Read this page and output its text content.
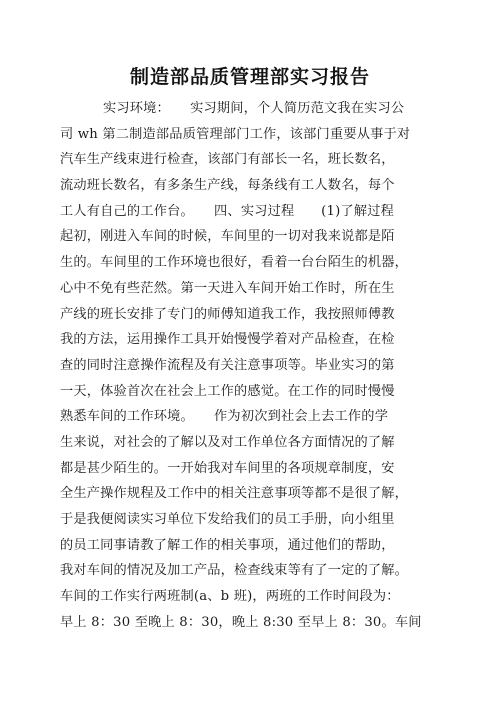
制造部品质管理部实习报告
实习环境：　　实习期间，个人简历范文我在实习公
司 wh 第二制造部品质管理部门工作，该部门重要从事于对
汽车生产线束进行检查，该部门有部长一名，班长数名，
流动班长数名，有多条生产线，每条线有工人数名，每个
工人有自己的工作台。　　四、实习过程　　(1)了解过程
起初，刚进入车间的时候，车间里的一切对我来说都是陌
生的。车间里的工作环境也很好，看着一台台陌生的机器，
心中不免有些茫然。第一天进入车间开始工作时，所在生
产线的班长安排了专门的师傅知道我工作，我按照师傅教
我的方法，运用操作工具开始慢慢学着对产品检查，在检
查的同时注意操作流程及有关注意事项等。毕业实习的第
一天，体验首次在社会上工作的感觉。在工作的同时慢慢
熟悉车间的工作环境。　　作为初次到社会上去工作的学
生来说，对社会的了解以及对工作单位各方面情况的了解
都是甚少陌生的。一开始我对车间里的各项规章制度，安
全生产操作规程及工作中的相关注意事项等都不是很了解，
于是我便阅读实习单位下发给我们的员工手册，向小组里
的员工同事请教了解工作的相关事项，通过他们的帮助，
我对车间的情况及加工产品，检查线束等有了一定的了解。
车间的工作实行两班制(a、b 班)，两班的工作时间段为：
早上 8：30 至晚上 8：30，晚上 8:30 至早上 8：30。车间
